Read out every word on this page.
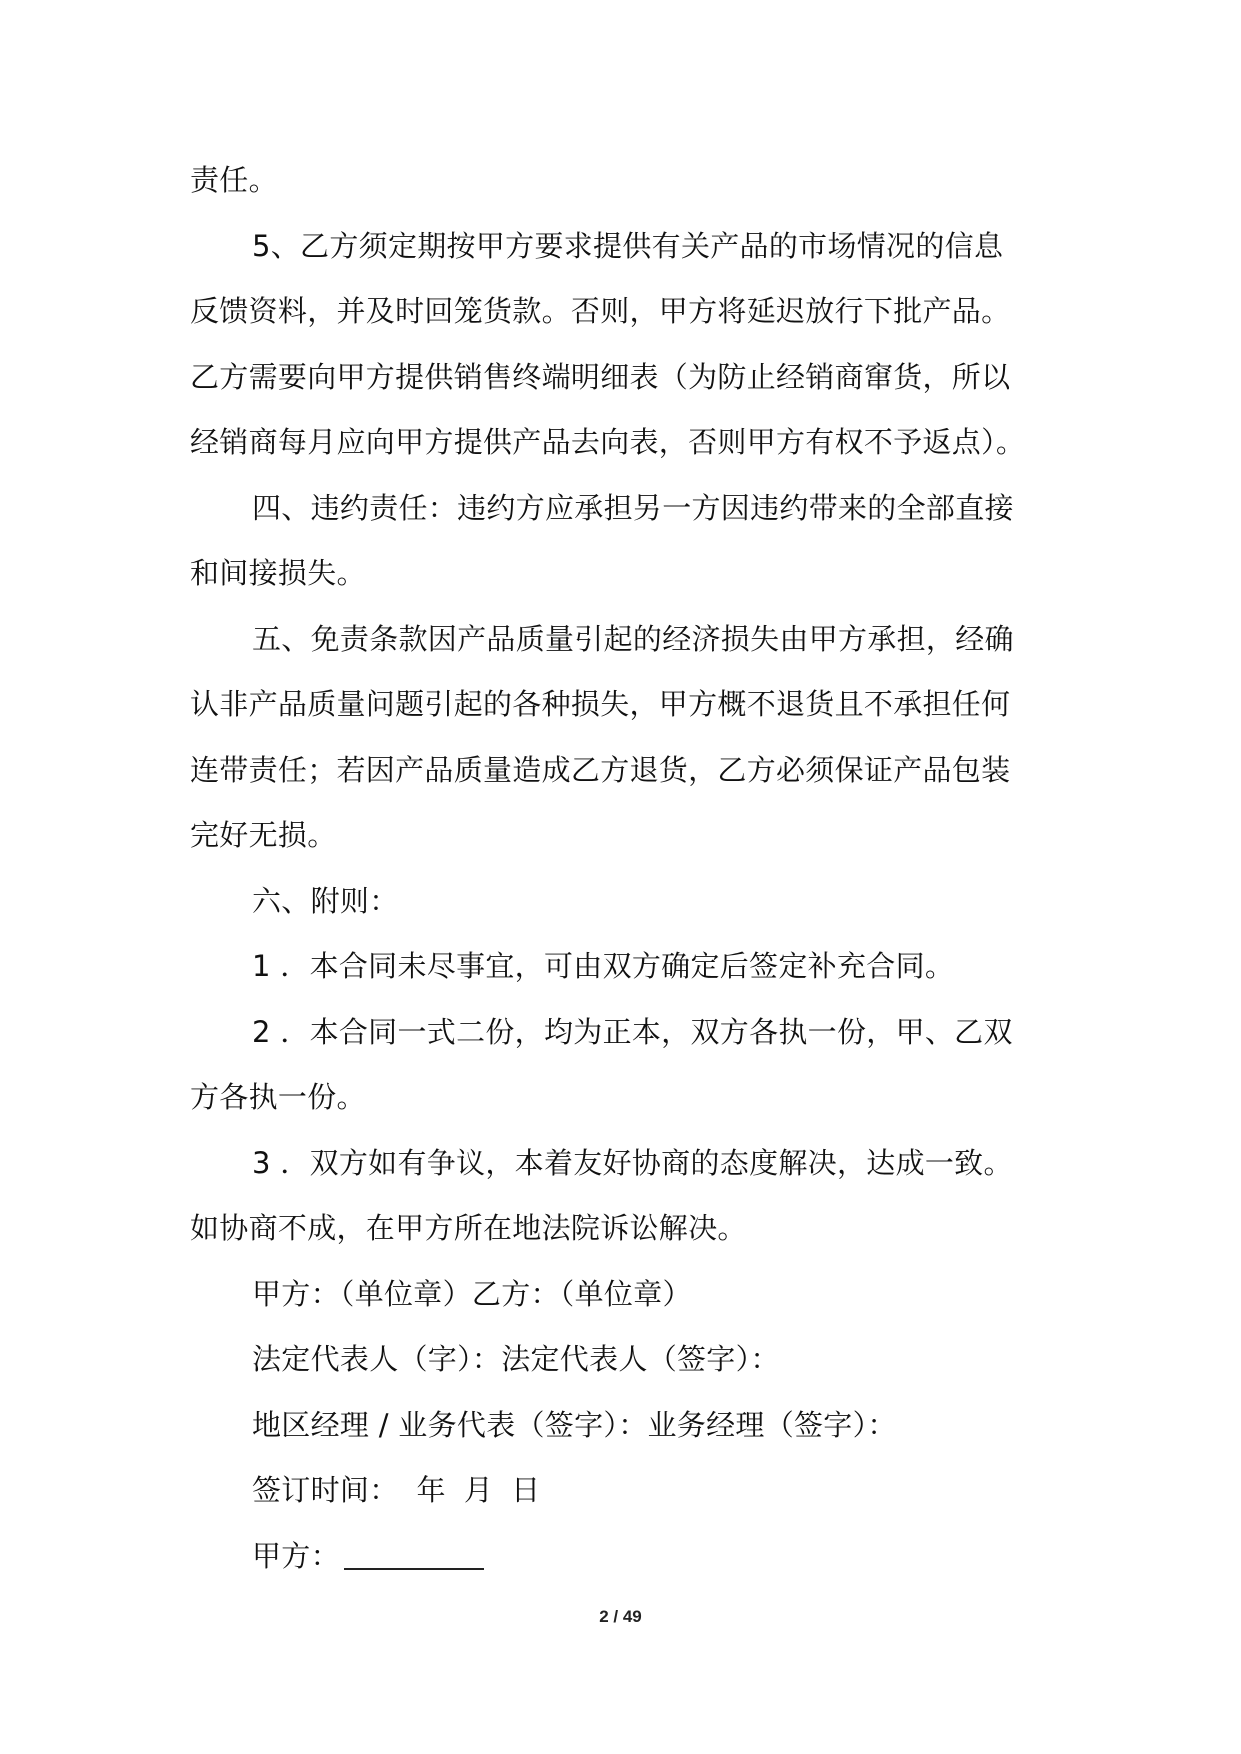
责任。
5、乙方须定期按甲方要求提供有关产品的市场情况的信息
反馈资料，并及时回笼货款。否则，甲方将延迟放行下批产品。
乙方需要向甲方提供销售终端明细表（为防止经销商窜货，所以
经销商每月应向甲方提供产品去向表，否则甲方有权不予返点）。
四、违约责任：违约方应承担另一方因违约带来的全部直接
和间接损失。
五、免责条款因产品质量引起的经济损失由甲方承担，经确
认非产品质量问题引起的各种损失，甲方概不退货且不承担任何
连带责任；若因产品质量造成乙方退货，乙方必须保证产品包装
完好无损。
六、附则：
1 ．本合同未尽事宜，可由双方确定后签定补充合同。
2 ．本合同一式二份，均为正本，双方各执一份，甲、乙双
方各执一份。
3 ．双方如有争议，本着友好协商的态度解决，达成一致。
如协商不成，在甲方所在地法院诉讼解决。
甲方：（单位章）乙方：（单位章）
法定代表人（字）：法定代表人（签字）：
地区经理 / 业务代表（签字）：业务经理（签字）：
签订时间： 年 月 日
甲方：
2 / 49
